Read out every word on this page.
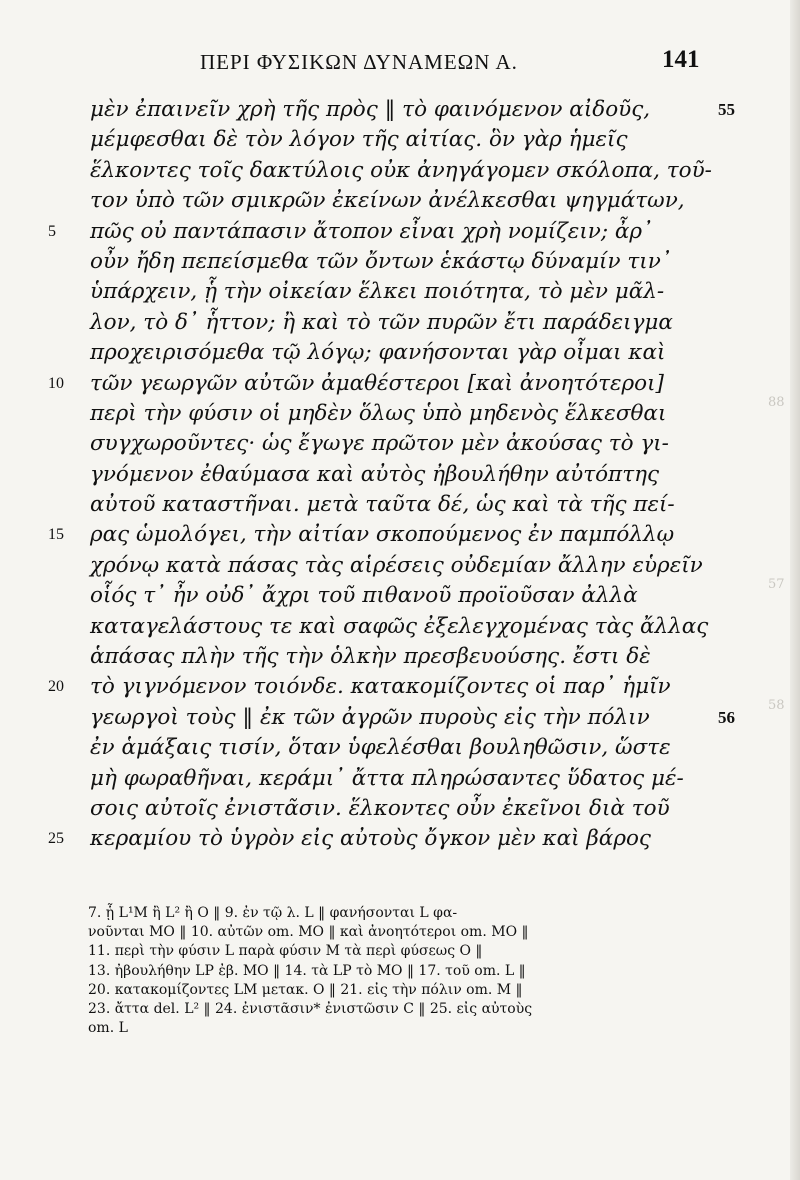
88
57
58
ΠΕΡΙ ΦΥΣΙΚΩΝ ΔΥΝΑΜΕΩΝ Α.	141
μὲν ἐπαινεῖν χρὴ τῆς πρὸς ‖ τὸ φαινόμενον αἰδοῦς,	55
μέμφεσθαι δὲ τὸν λόγον τῆς αἰτίας. ὃν γὰρ ἡμεῖς
ἕλκοντες τοῖς δακτύλοις οὐκ ἀνηγάγομεν σκόλοπα, τοῦ-
τον ὑπὸ τῶν σμικρῶν ἐκείνων ἀνέλκεσθαι ψηγμάτων,
5	πῶς οὐ παντάπασιν ἄτοπον εἶναι χρὴ νομίζειν; ἆρ᾽
οὖν ἤδη πεπείσμεθα τῶν ὄντων ἑκάστῳ δύναμίν τιν᾽
ὑπάρχειν, ᾗ τὴν οἰκείαν ἕλκει ποιότητα, τὸ μὲν μᾶλ-
λον, τὸ δ᾽ ἧττον; ἢ καὶ τὸ τῶν πυρῶν ἔτι παράδειγμα
προχειρισόμεθα τῷ λόγῳ; φανήσονται γὰρ οἶμαι καὶ
10	τῶν γεωργῶν αὐτῶν ἀμαθέστεροι [καὶ ἀνοητότεροι]
περὶ τὴν φύσιν οἱ μηδὲν ὅλως ὑπὸ μηδενὸς ἕλκεσθαι
συγχωροῦντες· ὡς ἔγωγε πρῶτον μὲν ἀκούσας τὸ γι-
γνόμενον ἐθαύμασα καὶ αὐτὸς ἠβουλήθην αὐτόπτης
αὐτοῦ καταστῆναι. μετὰ ταῦτα δέ, ὡς καὶ τὰ τῆς πεί-
15	ρας ὡμολόγει, τὴν αἰτίαν σκοπούμενος ἐν παμπόλλῳ
χρόνῳ κατὰ πάσας τὰς αἱρέσεις οὐδεμίαν ἄλλην εὑρεῖν
οἷός τ᾽ ἦν οὐδ᾽ ἄχρι τοῦ πιθανοῦ προϊοῦσαν ἀλλὰ
καταγελάστους τε καὶ σαφῶς ἐξελεγχομένας τὰς ἄλλας
ἁπάσας πλὴν τῆς τὴν ὁλκὴν πρεσβευούσης. ἔστι δὲ
20	τὸ γιγνόμενον τοιόνδε. κατακομίζοντες οἱ παρ᾽ ἡμῖν
γεωργοὶ τοὺς ‖ ἐκ τῶν ἀγρῶν πυροὺς εἰς τὴν πόλιν	56
ἐν ἁμάξαις τισίν, ὅταν ὑφελέσθαι βουληθῶσιν, ὥστε
μὴ φωραθῆναι, κεράμι᾽ ἄττα πληρώσαντες ὕδατος μέ-
σοις αὐτοῖς ἐνιστᾶσιν. ἕλκοντες οὖν ἐκεῖνοι διὰ τοῦ
25	κεραμίου τὸ ὑγρὸν εἰς αὐτοὺς ὄγκον μὲν καὶ βάρος
7. ᾗ L¹M ἢ L² ἢ O ‖ 9. ἐν τῷ λ. L ‖ φανήσονται L φα-
νοῦνται MO ‖ 10. αὐτῶν om. MO ‖ καὶ ἀνοητότεροι om. MO ‖
11. περὶ τὴν φύσιν L παρὰ φύσιν M τὰ περὶ φύσεως O ‖
13. ἠβουλήθην LP ἐβ. MO ‖ 14. τὰ LP τὸ MO ‖ 17. τοῦ om. L ‖
20. κατακομίζοντες LM μετακ. O ‖ 21. εἰς τὴν πόλιν om. M ‖
23. ἄττα del. L² ‖ 24. ἐνιστᾶσιν* ἐνιστῶσιν C ‖ 25. εἰς αὐτοὺς
om. L
